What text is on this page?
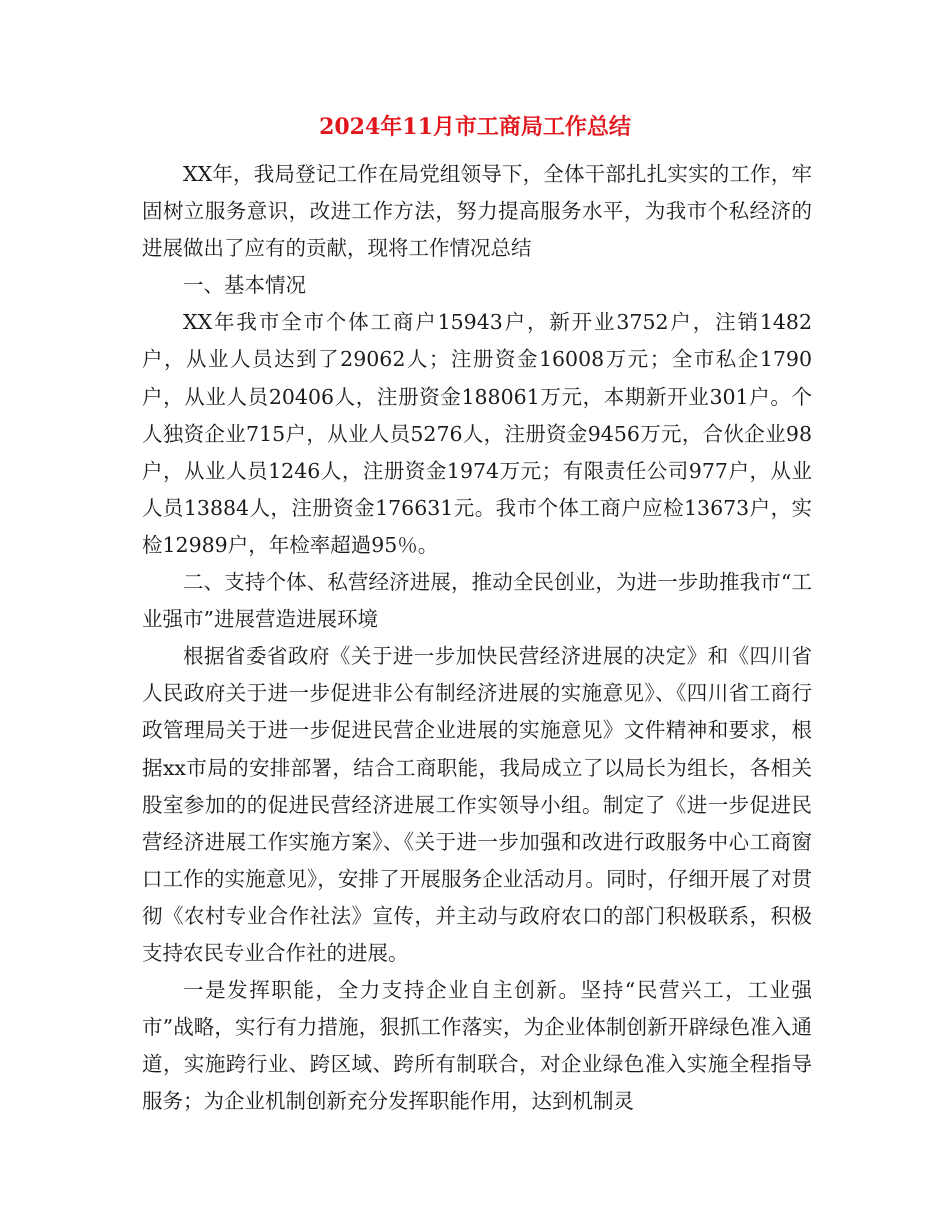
2024年11月市工商局工作总结

XX年，我局登记工作在局党组领导下，全体干部扎扎实实的工作，牢固树立服务意识，改进工作方法，努力提高服务水平，为我市个私经济的进展做出了应有的贡献，现将工作情况总结

一、基本情况

XX年我市全市个体工商户15943户，新开业3752户，注销1482户，从业人员达到了29062人；注册资金16008万元；全市私企1790户，从业人员20406人，注册资金188061万元，本期新开业301户。个人独资企业715户，从业人员5276人，注册资金9456万元，合伙企业98户，从业人员1246人，注册资金1974万元；有限责任公司977户，从业人员13884人，注册资金176631元。我市个体工商户应检13673户，实检12989户，年检率超過95％。

二、支持个体、私营经济进展，推动全民创业，为进一步助推我市“工业强市”进展营造进展环境

根据省委省政府《关于进一步加快民营经济进展的决定》和《四川省人民政府关于进一步促进非公有制经济进展的实施意见》、《四川省工商行政管理局关于进一步促进民营企业进展的实施意见》文件精神和要求，根据xx市局的安排部署，结合工商职能，我局成立了以局长为组长，各相关股室参加的的促进民营经济进展工作实领导小组。制定了《进一步促进民营经济进展工作实施方案》、《关于进一步加强和改进行政服务中心工商窗口工作的实施意见》，安排了开展服务企业活动月。同时，仔细开展了对贯彻《农村专业合作社法》宣传，并主动与政府农口的部门积极联系，积极支持农民专业合作社的进展。

一是发挥职能，全力支持企业自主创新。坚持“民营兴工，工业强市”战略，实行有力措施，狠抓工作落实，为企业体制创新开辟绿色准入通道，实施跨行业、跨区域、跨所有制联合，对企业绿色准入实施全程指导服务；为企业机制创新充分发挥职能作用，达到机制灵
